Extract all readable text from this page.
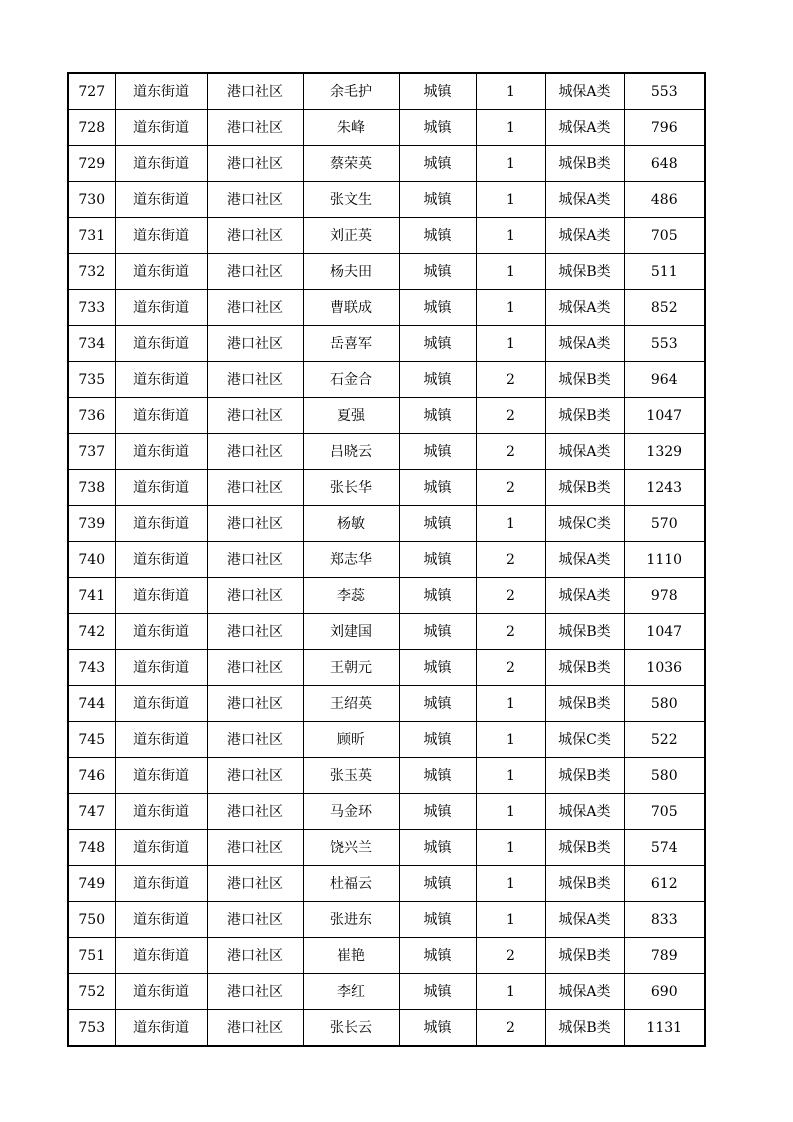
727	道东街道	港口社区	余毛护	城镇	1	城保A类	553
728	道东街道	港口社区	朱峰	城镇	1	城保A类	796
729	道东街道	港口社区	蔡荣英	城镇	1	城保B类	648
730	道东街道	港口社区	张文生	城镇	1	城保A类	486
731	道东街道	港口社区	刘正英	城镇	1	城保A类	705
732	道东街道	港口社区	杨夫田	城镇	1	城保B类	511
733	道东街道	港口社区	曹联成	城镇	1	城保A类	852
734	道东街道	港口社区	岳喜军	城镇	1	城保A类	553
735	道东街道	港口社区	石金合	城镇	2	城保B类	964
736	道东街道	港口社区	夏强	城镇	2	城保B类	1047
737	道东街道	港口社区	吕晓云	城镇	2	城保A类	1329
738	道东街道	港口社区	张长华	城镇	2	城保B类	1243
739	道东街道	港口社区	杨敏	城镇	1	城保C类	570
740	道东街道	港口社区	郑志华	城镇	2	城保A类	1110
741	道东街道	港口社区	李蕊	城镇	2	城保A类	978
742	道东街道	港口社区	刘建国	城镇	2	城保B类	1047
743	道东街道	港口社区	王朝元	城镇	2	城保B类	1036
744	道东街道	港口社区	王绍英	城镇	1	城保B类	580
745	道东街道	港口社区	顾昕	城镇	1	城保C类	522
746	道东街道	港口社区	张玉英	城镇	1	城保B类	580
747	道东街道	港口社区	马金环	城镇	1	城保A类	705
748	道东街道	港口社区	饶兴兰	城镇	1	城保B类	574
749	道东街道	港口社区	杜福云	城镇	1	城保B类	612
750	道东街道	港口社区	张进东	城镇	1	城保A类	833
751	道东街道	港口社区	崔艳	城镇	2	城保B类	789
752	道东街道	港口社区	李红	城镇	1	城保A类	690
753	道东街道	港口社区	张长云	城镇	2	城保B类	1131
